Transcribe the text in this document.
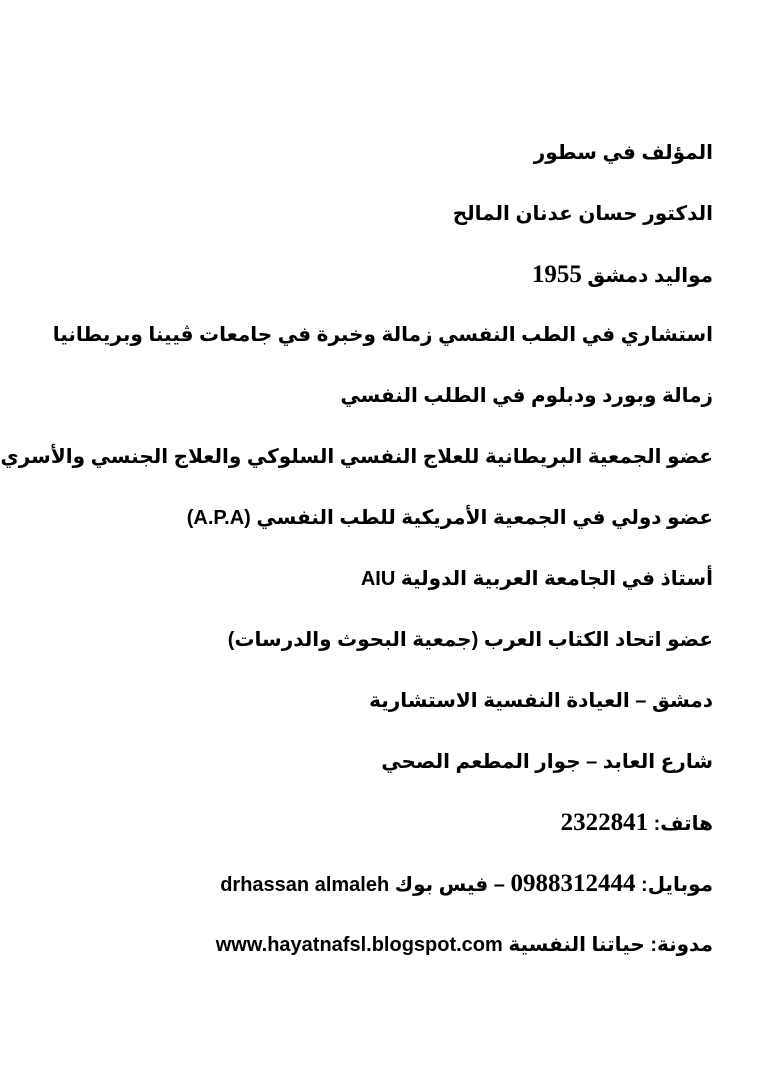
المؤلف في سطور
الدكتور حسان عدنان المالح
مواليد دمشق 1955
استشاري في الطب النفسي زمالة وخبرة في جامعات ڤيينا وبريطانيا
زمالة وبورد ودبلوم في الطلب النفسي
عضو الجمعية البريطانية للعلاج النفسي السلوكي والعلاج الجنسي والأسري
عضو دولي في الجمعية الأمريكية للطب النفسي (A.P.A)
أستاذ في الجامعة العربية الدولية AIU
عضو اتحاد الكتاب العرب (جمعية البحوث والدرسات)
دمشق – العيادة النفسية الاستشارية
شارع العابد – جوار المطعم الصحي
هاتف: 2322841
موبايل: 0988312444 – فيس بوك drhassan almaleh
مدونة: حياتنا النفسية www.hayatnafsl.blogspot.com
